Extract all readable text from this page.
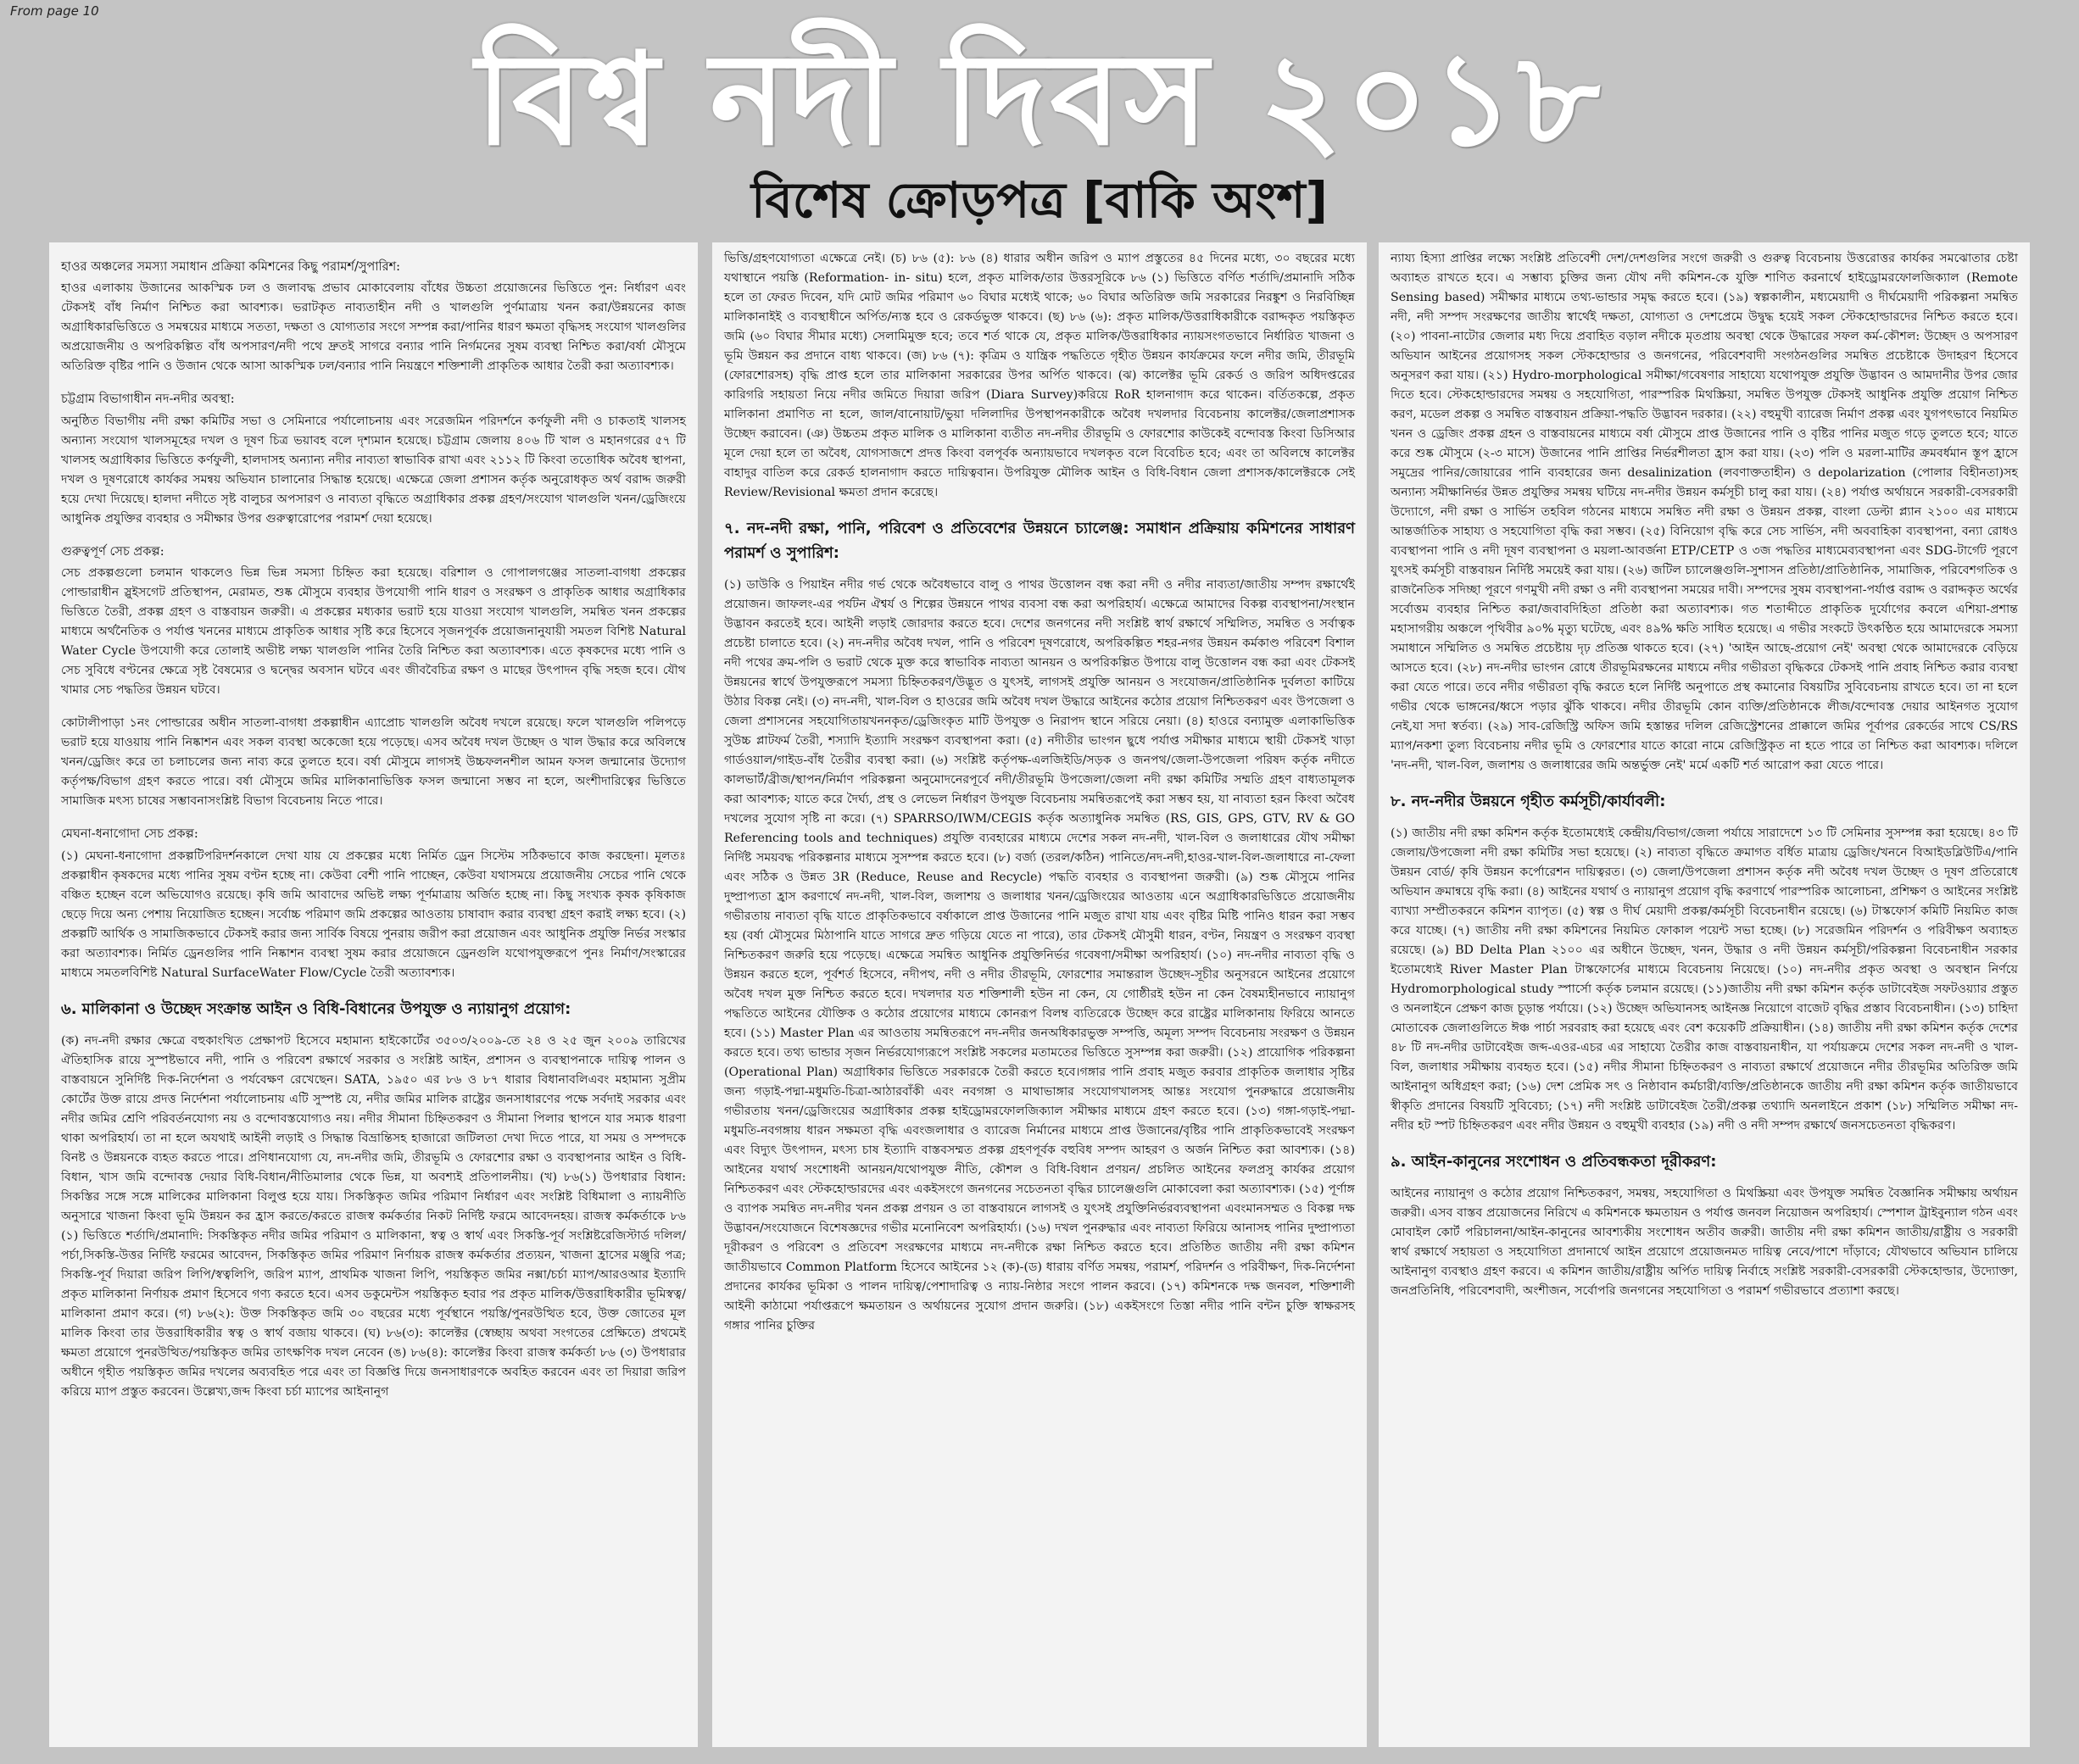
From page 10
বিশ্ব নদী দিবস ২০১৮
বিশেষ ক্রোড়পত্র [বাকি অংশ]
হাওর অঞ্চলের সমস্যা সমাধান প্রক্রিয়া কমিশনের কিছু পরামর্শ/সুপারিশ:

হাওর এলাকায় উজানের আকস্মিক ঢল ও জলাবদ্ধ প্রভাব মোকাবেলায় বাঁধের উচ্চতা প্রয়োজনের ভিত্তিতে পুন: নির্ধারণ এবং টেকসই বাঁধ নির্মাণ নিশ্চিত করা আবশ্যক। ভরাটকৃত নাব্যতাহীন নদী ও খালগুলি পুর্ণমাত্রায় খনন করা/উন্নয়নের কাজ অগ্রাধিকারভিত্তিতে ও সমন্বয়ের মাধ্যমে সততা, দক্ষতা ও যোগ্যতার সংগে সম্পন্ন করা/পানির ধারণ ক্ষমতা বৃদ্ধিসহ সংযোগ খালগুলির অপ্রয়োজনীয় ও অপরিকল্পিত বাঁধ অপসারণ/নদী পথে দ্রুতই সাগরে বন্যার পানি নির্গমনের সুষম ব্যবস্থা নিশ্চিত করা/বর্ষা মৌসুমে অতিরিক্ত বৃষ্টির পানি ও উজান থেকে আসা আকস্মিক ঢল/বন্যার পানি নিয়ন্ত্রণে শক্তিশালী প্রাকৃতিক আধার তৈরী করা অত্যাবশ্যক।

চট্টগ্রাম বিভাগাধীন নদ-নদীর অবস্থা:

অনুষ্ঠিত বিভাগীয় নদী রক্ষা কমিটির সভা ও সেমিনারে পর্যালোচনায় এবং সরেজমিন পরিদর্শনে কর্ণফুলী নদী ও চাকতাই খালসহ অন্যান্য সংযোগ খালসমূহের দখল ও দূষণ চিত্র ভয়াবহ বলে দৃশ্যমান হয়েছে। চট্টগ্রাম জেলায় ৪০৬ টি খাল ও মহানগরের ৫৭ টি খালসহ অগ্রাধিকার ভিত্তিতে কর্ণফুলী, হালদাসহ অন্যান্য নদীর নাব্যতা স্বাভাবিক রাখা এবং ২১১২ টি কিংবা ততোধিক অবৈধ স্থাপনা, দখল ও দূষণরোধে কার্যকর সমন্বয় অভিযান চালানোর সিদ্ধান্ত হয়েছে। এক্ষেত্রে জেলা প্রশাসন কর্তৃক অনুরোধকৃত অর্থ বরাদ্দ জরুরী হয়ে দেখা দিয়েছে। হালদা নদীতে সৃষ্ট বালুচর অপসারণ ও নাব্যতা বৃদ্ধিতে অগ্রাধিকার প্রকল্প গ্রহণ/সংযোগ খালগুলি খনন/ড্রেজিংয়ে আধুনিক প্রযুক্তির ব্যবহার ও সমীক্ষার উপর গুরুত্বারোপের পরামর্শ দেয়া হয়েছে।

গুরুত্বপূর্ণ সেচ প্রকল্প:

সেচ প্রকল্পগুলো চলমান থাকলেও ভিন্ন ভিন্ন সমস্যা চিহ্নিত করা হয়েছে। বরিশাল ও গোপালগঞ্জের সাতলা-বাগধা প্রকল্পের পোল্ডারাধীন স্লুইসগেট প্রতিস্থাপন, মেরামত, শুষ্ক মৌসুমে ব্যবহার উপযোগী পানি ধারণ ও সংরক্ষণ ও প্রাকৃতিক আধার অগ্রাধিকার ভিত্তিতে তৈরী, প্রকল্প গ্রহণ ও বাস্তবায়ন জরুরী। এ প্রকল্পের মধ্যকার ভরাট হয়ে যাওয়া সংযোগ খালগুলি, সমন্বিত খনন প্রকল্পের মাধ্যমে অর্থনৈতিক ও পর্যাপ্ত খননের মাধ্যমে প্রাকৃতিক আধার সৃষ্টি করে হিসেবে সৃজনপূর্বক প্রয়োজনানুযায়ী সমতল বিশিষ্ট Natural Water Cycle উপযোগী করে তোলাই অভীষ্ট লক্ষ্য খালগুলি পানির তৈরি নিশ্চিত করা অত্যাবশ্যক। এতে কৃষকদের মধ্যে পানি ও সেচ সুবিধে বণ্টনের ক্ষেত্রে সৃষ্ট বৈষম্যের ও দ্বন্দ্বের অবসান ঘটবে এবং জীববৈচিত্র রক্ষণ ও মাছের উৎপাদন বৃদ্ধি সহজ হবে। যৌথ খামার সেচ পদ্ধতির উন্নয়ন ঘটবে।

কোটালীপাড়া ১নং পোল্ডারের অধীন সাতলা-বাগধা প্রকল্পাধীন এ্যাপ্রোচ খালগুলি অবৈধ দখলে রয়েছে। ফলে খালগুলি পলিপড়ে ভরাট হয়ে যাওয়ায় পানি নিষ্কাশন এবং সকল ব্যবস্থা অকেজো হয়ে পড়েছে। এসব অবৈধ দখল উচ্ছেদ ও খাল উদ্ধার করে অবিলম্বে খনন/ড্রেজিং করে তা চলাচলের জন্য নাব্য করে তুলতে হবে। বর্ষা মৌসুমে লাগসই উচ্চফলনশীল আমন ফসল জন্মানোর উদ্যোগ কর্তৃপক্ষ/বিভাগ গ্রহণ করতে পারে। বর্ষা মৌসুমে জমির মালিকানাভিত্তিক ফসল জন্মানো সম্ভব না হলে, অংশীদারিত্বের ভিত্তিতে সামাজিক মৎস্য চাষের সম্ভাবনাসংশ্লিষ্ট বিভাগ বিবেচনায় নিতে পারে।

মেঘনা-ধনাগোদা সেচ প্রকল্প:

(১) মেঘনা-ধনাগোদা প্রকল্পটিপরিদর্শনকালে দেখা যায় যে প্রকল্পের মধ্যে নির্মিত ড্রেন সিস্টেম সঠিকভাবে কাজ করছেনা। মূলতঃ প্রকল্পাধীন কৃষকদের মধ্যে পানির সুষম বণ্টন হচ্ছে না। কেউবা বেশী পানি পাচ্ছেন, কেউবা যথাসময়ে প্রয়োজনীয় সেচের পানি থেকে বঞ্চিত হচ্ছেন বলে অভিযোগও রয়েছে। কৃষি জমি আবাদের অভিষ্ট লক্ষ্য পূর্ণমাত্রায় অর্জিত হচ্ছে না। কিছু সংখ্যক কৃষক কৃষিকাজ ছেড়ে দিয়ে অন্য পেশায় নিয়োজিত হচ্ছেন। সর্বোচ্চ পরিমাণ জমি প্রকল্পের আওতায় চাষাবাদ করার ব্যবস্থা গ্রহণ করাই লক্ষ্য হবে। (২) প্রকল্পটি আর্থিক ও সামাজিকভাবে টেকসই করার জন্য সার্বিক বিষয়ে পুনরায় জরীপ করা প্রয়োজন এবং আধুনিক প্রযুক্তি নির্ভর সংস্কার করা অত্যাবশ্যক। নির্মিত ড্রেনগুলির পানি নিষ্কাশন ব্যবস্থা সুষম করার প্রয়োজনে ড্রেনগুলি যথোপযুক্তরূপে পুনঃ নির্মাণ/সংস্কারের মাধ্যমে সমতলবিশিষ্ট Natural SurfaceWater Flow/Cycle তৈরী অত্যাবশ্যক।

৬. মালিকানা ও উচ্ছেদ সংক্রান্ত আইন ও বিধি-বিধানের উপযুক্ত ও ন্যায়ানুগ প্রয়োগ:

(ক) নদ-নদী রক্ষার ক্ষেত্রে বহুকাংখিত প্রেক্ষাপট হিসেবে মহামান্য হাইকোর্টের ৩৫০৩/২০০৯-তে ২৪ ও ২৫ জুন ২০০৯ তারিখের ঐতিহাসিক রায়ে সুস্পষ্টভাবে নদী, পানি ও পরিবেশ রক্ষার্থে সরকার ও সংশ্লিষ্ট আইন, প্রশাসন ও ব্যবস্থাপনাকে দায়িত্ব পালন ও বাস্তবায়নে সুনির্দিষ্ট দিক-নির্দেশনা ও পর্যবেক্ষণ রেখেছেন। SATA, ১৯৫০ এর ৮৬ ও ৮৭ ধারার বিধানাবলিএবং মহামান্য সুপ্রীম কোর্টের উক্ত রায়ে প্রদত্ত নির্দেশনা পর্যালোচনায় এটি সুস্পষ্ট যে, নদীর জমির মালিক রাষ্ট্রের জনসাধারণের পক্ষে সর্বদাই সরকার এবং নদীর জমির শ্রেণি পরিবর্তনযোগ্য নয় ও বন্দোবস্তযোগ্যও নয়। নদীর সীমানা চিহ্নিতকরণ ও সীমানা পিলার স্থাপনে যার সম্যক ধারণা থাকা অপরিহার্য। তা না হলে অযথাই আইনী লড়াই ও সিদ্ধান্ত বিভ্রান্তিসহ হাজারো জটিলতা দেখা দিতে পারে, যা সময় ও সম্পদকে বিনষ্ট ও উন্নয়নকে ব্যহত করতে পারে। প্রণিধানযোগ্য যে, নদ-নদীর জমি, তীরভূমি ও ফোরশোর রক্ষা ও ব্যবস্থাপনার আইন ও বিধি-বিধান, খাস জমি বন্দোবস্ত দেয়ার বিধি-বিধান/নীতিমালার থেকে ভিন্ন, যা অবশ্যই প্রতিপালনীয়। (খ) ৮৬(১) উপধারার বিধান: সিকস্তির সঙ্গে সঙ্গে মালিকের মালিকানা বিলুপ্ত হয়ে যায়। সিকস্তিকৃত জমির পরিমাণ নির্ধারণ এবং সংশ্লিষ্ট বিধিমালা ও ন্যায়নীতি অনুসারে খাজনা কিংবা ভূমি উন্নয়ন কর হ্রাস করতে/করতে রাজস্ব কর্মকর্তার নিকট নির্দিষ্ট ফরমে আবেদনহয়। রাজস্ব কর্মকর্তাকে ৮৬ (১) ভিত্তিতে শর্তাদি/প্রমানাদি: সিকস্তিকৃত নদীর জমির পরিমাণ ও মালিকানা, স্বত্ব ও স্বার্থ এবং সিকস্তি-পূর্ব সংশ্লিষ্টরেজিস্টার্ড দলিল/পর্চা,সিকস্তি-উত্তর নির্দিষ্ট ফরমের আবেদন, সিকস্তিকৃত জমির পরিমাণ নির্ণায়ক রাজস্ব কর্মকর্তার প্রত্যয়ন, খাজনা হ্রাসের মঞ্জুরি পত্র; সিকস্তি-পূর্ব দিয়ারা জরিপ লিপি/স্বত্বলিপি, জরিপ ম্যাপ, প্রাথমিক খাজনা লিপি, পয়স্তিকৃত জমির নক্সা/চর্চা ম্যাপ/আরওআর ইত্যাদি প্রকৃত মালিকানা নির্ণায়ক প্রমাণ হিসেবে গণ্য করতে হবে। এসব ডকুমেন্টস পয়স্তিকৃত হবার পর প্রকৃত মালিক/উত্তরাধিকারীর ভূমিস্বত্ব/মালিকানা প্রমাণ করে। (গ) ৮৬(২): উক্ত সিকস্তিকৃত জমি ৩০ বছরের মধ্যে পূর্বস্থানে পয়স্তি/পুনরউত্থিত হবে, উক্ত জোতের মূল মালিক কিংবা তার উত্তরাধিকারীর স্বত্ব ও স্বার্থ বজায় থাকবে। (ঘ) ৮৬(৩): কালেক্টর (স্বেচ্ছায় অথবা সংগতের প্রেক্ষিতে) প্রথমেই ক্ষমতা প্রয়োগে পুনরউত্থিত/পয়স্তিকৃত জমির তাৎক্ষণিক দখল নেবেন (ঙ) ৮৬(৪): কালেক্টর কিংবা রাজস্ব কর্মকর্তা ৮৬ (৩) উপধারার অধীনে গৃহীত পয়স্তিকৃত জমির দখলের অব্যবহিত পরে এবং তা বিজ্ঞপ্তি দিয়ে জনসাধারণকে অবহিত করবেন এবং তা দিয়ারা জরিপ করিয়ে ম্যাপ প্রস্তুত করবেন। উল্লেখ্য,জব্দ কিংবা চর্চা ম্যাপের আইনানুগ

ভিত্তি/গ্রহণযোগ্যতা এক্ষেত্রে নেই। (চ) ৮৬ (৫): ৮৬ (৪) ধারার অধীন জরিপ ও ম্যাপ প্রস্তুতের ৪৫ দিনের মধ্যে, ৩০ বছরের মধ্যে যথাস্থানে পয়স্তি (Reformation- in- situ) হলে, প্রকৃত মালিক/তার উত্তরসূরিকে ৮৬ (১) ভিত্তিতে বর্ণিত শর্তাদি/প্রমানাদি সঠিক হলে তা ফেরত দিবেন, যদি মোট জমির পরিমাণ ৬০ বিঘার মধ্যেই থাকে; ৬০ বিঘার অতিরিক্ত জমি সরকারের নিরঙ্কুশ ও নিরবিচ্ছিন্ন মালিকানাইই ও ব্যবস্থাধীনে অর্পিত/ন্যস্ত হবে ও রেকর্ডভুক্ত থাকবে। (ছ) ৮৬ (৬): প্রকৃত মালিক/উত্তরাধিকারীকে বরাদ্দকৃত পয়স্তিকৃত জমি (৬০ বিঘার সীমার মধ্যে) সেলামিমুক্ত হবে; তবে শর্ত থাকে যে, প্রকৃত মালিক/উত্তরাধিকার ন্যায়সংগতভাবে নির্ধারিত খাজনা ও ভূমি উন্নয়ন কর প্রদানে বাধ্য থাকবে। (জ) ৮৬ (৭): কৃত্রিম ও যান্ত্রিক পদ্ধতিতে গৃহীত উন্নয়ন কার্যক্রমের ফলে নদীর জমি, তীরভূমি (ফোরশোরসহ) বৃদ্ধি প্রাপ্ত হলে তার মালিকানা সরকারের উপর অর্পিত থাকবে। (ঝ) কালেক্টর ভূমি রেকর্ড ও জরিপ অধিদপ্তরের কারিগরি সহায়তা নিয়ে নদীর জমিতে দিয়ারা জরিপ (Diara Survey)করিয়ে RoR হালনাগাদ করে থাকেন। বর্তিতকল্পে, প্রকৃত মালিকানা প্রমাণিত না হলে, জাল/বানোয়াট/ভুয়া দলিলাদির উপস্থাপনকারীকে অবৈধ দখলদার বিবেচনায় কালেক্টর/জেলাপ্রশাসক উচ্ছেদ করাবেন। (ঞ) উচ্চতম প্রকৃত মালিক ও মালিকানা ব্যতীত নদ-নদীর তীরভূমি ও ফোরশোর কাউকেই বন্দোবস্ত কিংবা ডিসিআর মূলে দেয়া হলে তা অবৈধ, যোগসাজশে প্রদত্ত কিংবা বলপূর্বক অন্যায়ভাবে দখলকৃত বলে বিবেচিত হবে; এবং তা অবিলম্বে কালেক্টর বাহাদুর বাতিল করে রেকর্ড হালনাগাদ করতে দায়িত্ববান। উপরিযুক্ত মৌলিক আইন ও বিধি-বিধান জেলা প্রশাসক/কালেক্টরকে সেই Review/Revisional ক্ষমতা প্রদান করেছে।

৭. নদ-নদী রক্ষা, পানি, পরিবেশ ও প্রতিবেশের উন্নয়নে চ্যালেঞ্জ: সমাধান প্রক্রিয়ায় কমিশনের সাধারণ পরামর্শ ও সুপারিশ:

(১) ডাউকি ও পিয়াইন নদীর গর্ভ থেকে অবৈধভাবে বালু ও পাথর উত্তোলন বন্ধ করা নদী ও নদীর নাব্যতা/জাতীয় সম্পদ রক্ষার্থেই প্রয়োজন। জাফলং-এর পর্যটন ঐশ্বর্য ও শিল্পের উন্নয়নে পাথর ব্যবসা বন্ধ করা অপরিহার্য। এক্ষেত্রে আমাদের বিকল্প ব্যবস্থাপনা/সংস্থান উদ্ভাবন করতেই হবে। আইনী লড়াই জোরদার করতে হবে। দেশের জনগনের নদী সংশ্লিষ্ট স্বার্থ রক্ষার্থে সম্মিলিত, সমন্বিত ও সর্বাত্বক প্রচেষ্টা চালাতে হবে। (২) নদ-নদীর অবৈধ দখল, পানি ও পরিবেশ দূষণরোধে, অপরিকল্পিত শহর-নগর উন্নয়ন কর্মকাণ্ড পরিবেশ বিশাল নদী পথের ক্রম-পলি ও ভরাট থেকে মুক্ত করে স্বাভাবিক নাব্যতা আনয়ন ও অপরিকল্পিত উপায়ে বালু উত্তোলন বন্ধ করা এবং টেকসই উন্নয়নের স্বার্থে উপযুক্তরূপে সমস্যা চিহ্নিতকরণ/উদ্ভূত ও যুৎসই, লাগসই প্রযুক্তি আনয়ন ও সংযোজন/প্রাতিষ্ঠানিক দুর্বলতা কাটিয়ে উঠার বিকল্প নেই। (৩) নদ-নদী, খাল-বিল ও হাওরের জমি অবৈধ দখল উদ্ধারে আইনের কঠোর প্রয়োগ নিশ্চিতকরণ এবং উপজেলা ও জেলা প্রশাসনের সহযোগিতায়খননকৃত/ড্রেজিংকৃত মাটি উপযুক্ত ও নিরাপদ স্থানে সরিয়ে নেয়া। (৪) হাওরে বন্যামুক্ত এলাকাভিত্তিক সুউচ্চ প্লাটফর্ম তৈরী, শস্যাদি ইত্যাদি সংরক্ষণ ব্যবস্থাপনা করা। (৫) নদীতীর ভাংগন ছুধে পর্যাপ্ত সমীক্ষার মাধ্যমে স্থায়ী টেকসই খাড়া গার্ডওয়াল/গাইড-বাঁধ তৈরীর ব্যবস্থা করা। (৬) সংশ্লিষ্ট কর্তৃপক্ষ-এলজিইডি/সড়ক ও জনপথ/জেলা-উপজেলা পরিষদ কর্তৃক নদীতে কালভার্ট/ব্রীজ/স্থাপন/নির্মাণ পরিকল্পনা অনুমোদনেরপূর্বে নদী/তীরভূমি উপজেলা/জেলা নদী রক্ষা কমিটির সম্মতি গ্রহণ বাধ্যতামূলক করা আবশ্যক; যাতে করে দৈর্ঘ্য, প্রস্থ ও লেভেল নির্ধারণ উপযুক্ত বিবেচনায় সমন্বিতরূপেই করা সম্ভব হয়, যা নাব্যতা হরন কিংবা অবৈধ দখলের সুযোগ সৃষ্টি না করে। (৭) SPARRSO/IWM/CEGIS কর্তৃক অত্যাধুনিক সমন্বিত (RS, GIS, GPS, GTV, RV & GO Referencing tools and techniques) প্রযুক্তি ব্যবহারের মাধ্যমে দেশের সকল নদ-নদী, খাল-বিল ও জলাধারের যৌথ সমীক্ষা নির্দিষ্ট সময়বদ্ধ পরিকল্পনার মাধ্যমে সুসম্পন্ন করতে হবে। (৮) বর্জ্য (তরল/কঠিন) পানিতে/নদ-নদী,হাওর-খাল-বিল-জলাধারে না-ফেলা এবং সঠিক ও উন্নত 3R (Reduce, Reuse and Recycle) পদ্ধতি ব্যবহার ও ব্যবস্থাপনা জরুরী। (৯) শুষ্ক মৌসুমে পানির দুষ্প্রাপ্যতা হ্রাস করণার্থে নদ-নদী, খাল-বিল, জলাশয় ও জলাধার খনন/ড্রেজিংয়ের আওতায় এনে অগ্রাধিকারভিত্তিতে প্রয়োজনীয় গভীরতায় নাব্যতা বৃদ্ধি যাতে প্রাকৃতিকভাবে বর্ষাকালে প্রাপ্ত উজানের পানি মজুত রাখা যায় এবং বৃষ্টির মিষ্টি পানিও ধারন করা সম্ভব হয় (বর্ষা মৌসুমের মিঠাপানি যাতে সাগরে দ্রুত গড়িয়ে যেতে না পারে), তার টেকসই মৌসুমী ধারন, বণ্টন, নিয়ন্ত্রণ ও সংরক্ষণ ব্যবস্থা নিশ্চিতকরণ জরুরি হয়ে পড়েছে। এক্ষেত্রে সমন্বিত আধুনিক প্রযুক্তিনির্ভর গবেষণা/সমীক্ষা অপরিহার্য। (১০) নদ-নদীর নাব্যতা বৃদ্ধি ও উন্নয়ন করতে হলে, পূর্বশর্ত হিসেবে, নদীপথ, নদী ও নদীর তীরভূমি, ফোরশোর সমান্তরাল উচ্ছেদ-সূচীর অনুসরনে আইনের প্রয়োগে অবৈধ দখল মুক্ত নিশ্চিত করতে হবে। দখলদার যত শক্তিশালী হউন না কেন, যে গোষ্ঠীরই হউন না কেন বৈষম্যহীনভাবে ন্যায়ানুগ পদ্ধতিতে আইনের যৌক্তিক ও কঠোর প্রয়োগের মাধ্যমে কোনরূপ বিলম্ব ব্যতিরেকে উচ্ছেদ করে রাষ্ট্রের মালিকানায় ফিরিয়ে আনতে হবে। (১১) Master Plan এর আওতায় সমন্বিতরূপে নদ-নদীর জনঅধিকারভুক্ত সম্পত্তি, অমূল্য সম্পদ বিবেচনায় সংরক্ষণ ও উন্নয়ন করতে হবে। তথ্য ভান্ডার সৃজন নির্ভরযোগ্যরূপে সংশ্লিষ্ট সকলের মতামতের ভিত্তিতে সুসম্পন্ন করা জরুরী। (১২) প্রায়োগিক পরিকল্পনা (Operational Plan) অগ্রাধিকার ভিত্তিতে সরকারকে তৈরী করতে হবে।গঙ্গার পানি প্রবাহ মজুত করবার প্রাকৃতিক জলাধার সৃষ্টির জন্য গড়াই-পদ্মা-মধুমতি-চিত্রা-আঠারবাঁকী এবং নবগঙ্গা ও মাথাভাঙ্গার সংযোগখালসহ আন্তঃ সংযোগ পুনরুদ্ধারে প্রয়োজনীয় গভীরতায় খনন/ড্রেজিংয়ের অগ্রাধিকার প্রকল্প হাইড্রোমরফোলজিক্যাল সমীক্ষার মাধ্যমে গ্রহণ করতে হবে। (১৩) গঙ্গা-গড়াই-পদ্মা-মধুমতি-নবগঙ্গায় ধারন সক্ষমতা বৃদ্ধি এবংজলাধার ও ব্যারেজ নির্মানের মাধ্যমে প্রাপ্ত উজানের/বৃষ্টির পানি প্রাকৃতিকভাবেই সংরক্ষণ এবং বিদ্যুৎ উৎপাদন, মৎস্য চাষ ইত্যাদি বাস্তবসম্মত প্রকল্প গ্রহণপূর্বক বহুবিধ সম্পদ আহরণ ও অর্জন নিশ্চিত করা আবশ্যক। (১৪) আইনের যথার্থ সংশোধনী আনয়ন/যথোপযুক্ত নীতি, কৌশল ও বিধি-বিধান প্রণয়ন/ প্রচলিত আইনের ফলপ্রসু কার্যকর প্রয়োগ নিশ্চিতকরণ এবং স্টেকহোল্ডারদের এবং একইসংগে জনগনের সচেতনতা বৃদ্ধির চ্যালেঞ্জগুলি মোকাবেলা করা অত্যাবশ্যক। (১৫) পূর্ণাঙ্গ ও ব্যাপক সমন্বিত নদ-নদীর খনন প্রকল্প প্রণয়ন ও তা বাস্তবায়নে লাগসই ও যুৎসই প্রযুক্তিনির্ভরব্যবস্থাপনা এবংমানসম্মত ও বিকল্প দক্ষ উদ্ভাবন/সংযোজনে বিশেষজ্ঞদের গভীর মনোনিবেশ অপরিহার্য্য। (১৬) দখল পুনরুদ্ধার এবং নাব্যতা ফিরিয়ে আনাসহ পানির দুষ্প্রাপ্যতা দূরীকরণ ও পরিবেশ ও প্রতিবেশ সংরক্ষণের মাধ্যমে নদ-নদীকে রক্ষা নিশ্চিত করতে হবে। প্রতিষ্ঠিত জাতীয় নদী রক্ষা কমিশন জাতীয়ভাবে Common Platform হিসেবে আইনের ১২ (ক)-(ড) ধারায় বর্ণিত সমন্বয়, পরামর্শ, পরিদর্শন ও পরিবীক্ষণ, দিক-নির্দেশনা প্রদানের কার্যকর ভূমিকা ও পালন দায়িত্ব/পেশাদারিত্ব ও ন্যায়-নিষ্ঠার সংগে পালন করবে। (১৭) কমিশনকে দক্ষ জনবল, শক্তিশালী আইনী কাঠামো পর্যাপ্তরূপে ক্ষমতায়ন ও অর্থায়নের সুযোগ প্রদান জরুরি। (১৮) একইসংগে তিস্তা নদীর পানি বন্টন চুক্তি স্বাক্ষরসহ গঙ্গার পানির চুক্তির

ন্যায্য হিস্যা প্রাপ্তির লক্ষ্যে সংশ্লিষ্ট প্রতিবেশী দেশ/দেশগুলির সংগে জরুরী ও গুরুত্ব বিবেচনায় উত্তরোত্তর কার্যকর সমঝোতার চেষ্টা অব্যাহত রাখতে হবে। এ সম্ভাব্য চুক্তির জন্য যৌথ নদী কমিশন-কে যুক্তি শাণিত করনার্থে হাইড্রোমরফোলজিক্যাল (Remote Sensing based) সমীক্ষার মাধ্যমে তথ্য-ভান্ডার সমৃদ্ধ করতে হবে। (১৯) স্বল্পকালীন, মধ্যমেয়াদী ও দীর্ঘমেয়াদী পরিকল্পনা সমন্বিত নদী, নদী সম্পদ সংরক্ষণের জাতীয় স্বার্থেই দক্ষতা, যোগ্যতা ও দেশপ্রেমে উদ্বুদ্ধ হয়েই সকল স্টেকহোল্ডারদের নিশ্চিত করতে হবে। (২০) পাবনা-নাটোর জেলার মধ্য দিয়ে প্রবাহিত বড়াল নদীকে মৃতপ্রায় অবস্থা থেকে উদ্ধারের সফল কর্ম-কৌশল: উচ্ছেদ ও অপসারণ অভিযান আইনের প্রয়োগসহ সকল স্টেকহোল্ডার ও জনগনের, পরিবেশবাদী সংগঠনগুলির সমন্বিত প্রচেষ্টাকে উদাহরণ হিসেবে অনুসরণ করা যায়। (২১) Hydro-morphological সমীক্ষা/গবেষণার সাহায্যে যথোপযুক্ত প্রযুক্তি উদ্ভাবন ও আমদানীর উপর জোর দিতে হবে। স্টেকহোল্ডারদের সমন্বয় ও সহযোগিতা, পারস্পরিক মিথস্ক্রিয়া, সমন্বিত উপযুক্ত টেকসই আধুনিক প্রযুক্তি প্রয়োগ নিশ্চিত করণ, মডেল প্রকল্প ও সমন্বিত বাস্তবায়ন প্রক্রিয়া-পদ্ধতি উদ্ভাবন দরকার। (২২) বহুমুখী ব্যারেজ নির্মাণ প্রকল্প এবং যুগপৎভাবে নিয়মিত খনন ও ড্রেজিং প্রকল্প গ্রহন ও বাস্তবায়নের মাধ্যমে বর্ষা মৌসুমে প্রাপ্ত উজানের পানি ও বৃষ্টির পানির মজুত গড়ে তুলতে হবে; যাতে করে শুষ্ক মৌসুমে (২-৩ মাসে) উজানের পানি প্রাপ্তির নির্ভরশীলতা হ্রাস করা যায়। (২৩) পলি ও মরলা-মাটির ক্রমবর্ধমান স্তূপ হ্রাসে সমুদ্রের পানির/জোয়ারের পানি ব্যবহারের জন্য desalinization (লবণাক্ততাহীন) ও depolarization (পোলার বিহীনতা)সহ অন্যান্য সমীক্ষানির্ভর উন্নত প্রযুক্তির সমন্বয় ঘটিয়ে নদ-নদীর উন্নয়ন কর্মসূচী চালু করা যায়। (২৪) পর্যাপ্ত অর্থায়নে সরকারী-বেসরকারী উদ্যোগে, নদী রক্ষা ও সার্ভিস তহবিল গঠনের মাধ্যমে সমন্বিত নদী রক্ষা ও উন্নয়ন প্রকল্প, বাংলা ডেল্টা প্ল্যান ২১০০ এর মাধ্যমে আন্তর্জাতিক সাহায্য ও সহযোগিতা বৃদ্ধি করা সম্ভব। (২৫) বিনিয়োগ বৃদ্ধি করে সেচ সার্ভিস, নদী অববাহিকা ব্যবস্থাপনা, বন্যা রোধও ব্যবস্থাপনা পানি ও নদী দূষণ ব্যবস্থাপনা ও ময়লা-আবর্জনা ETP/CETP ও ৩জ পদ্ধতির মাধ্যমেব্যবস্থাপনা এবং SDG-টার্গেট পূরণে যুৎসই কর্মসূচী বাস্তবায়ন নির্দিষ্ট সময়েই করা যায়। (২৬) জটিল চ্যালেঞ্জগুলি-সুশাসন প্রতিষ্ঠা/প্রাতিষ্ঠানিক, সামাজিক, পরিবেশগতিক ও রাজনৈতিক সদিচ্ছা পূরণে গণমুখী নদী রক্ষা ও নদী ব্যবস্থাপনা সময়ের দাবী। সম্পদের সুষম ব্যবস্থাপনা-পর্যাপ্ত বরাদ্দ ও বরাদ্দকৃত অর্থের সর্বোত্তম ব্যবহার নিশ্চিত করা/জবাবদিহিতা প্রতিষ্ঠা করা অত্যাবশ্যক। গত শতাব্দীতে প্রাকৃতিক দুর্যোগের কবলে এশিয়া-প্রশান্ত মহাসাগরীয় অঞ্চলে পৃথিবীর ৯০% মৃত্যু ঘটেছে, এবং ৪৯% ক্ষতি সাধিত হয়েছে। এ গভীর সংকটে উৎকণ্ঠিত হয়ে আমাদেরকে সমস্যা সমাধানে সম্মিলিত ও সমন্বিত প্রচেষ্টায় দৃঢ় প্রতিজ্ঞ থাকতে হবে। (২৭) 'আইন আছে-প্রয়োগ নেই' অবস্থা থেকে আমাদেরকে বেড়িয়ে আসতে হবে। (২৮) নদ-নদীর ভাংগন রোধে তীরভূমিরক্ষনের মাধ্যমে নদীর গভীরতা বৃদ্ধিকরে টেকসই পানি প্রবাহ নিশ্চিত করার ব্যবস্থা করা যেতে পারে। তবে নদীর গভীরতা বৃদ্ধি করতে হলে নির্দিষ্ট অনুপাতে প্রস্থ কমানোর বিষয়টির সুবিবেচনায় রাখতে হবে। তা না হলে গভীর থেকে ভাঙ্গনের/ধ্বসে পড়ার ঝুঁকি থাকবে। নদীর তীরভূমি কোন ব্যক্তি/প্রতিষ্ঠানকে লীজ/বন্দোবস্ত দেয়ার আইনগত সুযোগ নেই,যা সদা স্বর্তব্য। (২৯) সাব-রেজিস্ট্রি অফিস জমি হস্তান্তর দলিল রেজিস্ট্রেশনের প্রাক্কালে জমির পূর্বাপর রেকর্ডের সাথে CS/RS ম্যাপ/নকশা তুল্য বিবেচনায় নদীর ভূমি ও ফোরশোর যাতে কারো নামে রেজিস্ট্রিকৃত না হতে পারে তা নিশ্চিত করা আবশ্যক। দলিলে 'নদ-নদী, খাল-বিল, জলাশয় ও জলাধারের জমি অন্তর্ভুক্ত নেই' মর্মে একটি শর্ত আরোপ করা যেতে পারে।

৮. নদ-নদীর উন্নয়নে গৃহীত কর্মসূচী/কার্যাবলী:

(১) জাতীয় নদী রক্ষা কমিশন কর্তৃক ইতোমধ্যেই কেন্দ্রীয়/বিভাগ/জেলা পর্যায়ে সারাদেশে ১৩ টি সেমিনার সুসম্পন্ন করা হয়েছে। ৪৩ টি জেলায়/উপজেলা নদী রক্ষা কমিটির সভা হয়েছে। (২) নাব্যতা বৃদ্ধিতে ক্রমাগত বর্ধিত মাত্রায় ড্রেজিং/খননে বিআইডব্লিউটিএ/পানি উন্নয়ন বোর্ড/ কৃষি উন্নয়ন কর্পোরেশন দায়িত্বরত। (৩) জেলা/উপজেলা প্রশাসন কর্তৃক নদী অবৈধ দখল উচ্ছেদ ও দূষণ প্রতিরোধে অভিযান ক্রমান্বয়ে বৃদ্ধি করা। (৪) আইনের যথার্থ ও ন্যায়ানুগ প্রয়োগ বৃদ্ধি করণার্থে পারস্পরিক আলোচনা, প্রশিক্ষণ ও আইনের সংশ্লিষ্ট ব্যাখ্যা সম্প্রীতকরনে কমিশন ব্যাপৃত। (৫) স্বল্প ও দীর্ঘ মেয়াদী প্রকল্প/কর্মসূচী বিবেচনাধীন রয়েছে। (৬) টাস্কফোর্স কমিটি নিয়মিত কাজ করে যাচ্ছে। (৭) জাতীয় নদী রক্ষা কমিশনের নিয়মিত ফোকাল পয়েন্ট সভা হচ্ছে। (৮) সরেজমিন পরিদর্শন ও পরিবীক্ষণ অব্যাহত রয়েছে। (৯) BD Delta Plan ২১০০ এর অধীনে উচ্ছেদ, খনন, উদ্ধার ও নদী উন্নয়ন কর্মসূচী/পরিকল্পনা বিবেচনাধীন সরকার ইতোমধ্যেই River Master Plan টাস্কফোর্সের মাধ্যমে বিবেচনায় নিয়েছে। (১০) নদ-নদীর প্রকৃত অবস্থা ও অবস্থান নির্ণয়ে Hydromorphological study স্পার্সো কর্তৃক চলমান রয়েছে। (১১)জাতীয় নদী রক্ষা কমিশন কর্তৃক ডাটাবেইজ সফটওয়্যার প্রস্তুত ও অনলাইনে প্রেক্ষণ কাজ চূড়ান্ত পর্যায়ে। (১২) উচ্ছেদ অভিযানসহ আইনজ্ঞ নিয়োগে বাজেট বৃদ্ধির প্রস্তাব বিবেচনাধীন। (১৩) চাহিদা মোতাবেক জেলাগুলিতে ঈঞ্চ পার্চা সরবরাহ করা হয়েছে এবং বেশ কয়েকটি প্রক্রিয়াধীন। (১৪) জাতীয় নদী রক্ষা কমিশন কর্তৃক দেশের ৪৮ টি নদ-নদীর ডাটাবেইজ জব্দ-এওর-এচর এর সাহায্যে তৈরীর কাজ বাস্তবায়নাধীন, যা পর্যায়ক্রমে দেশের সকল নদ-নদী ও খাল-বিল, জলাধার সমীক্ষায় ব্যবহৃত হবে। (১৫) নদীর সীমানা চিহ্নিতকরণ ও নাব্যতা রক্ষার্থে প্রয়োজনে নদীর তীরভূমির অতিরিক্ত জমি আইনানুগ অধিগ্রহণ করা; (১৬) দেশ প্রেমিক সৎ ও নিষ্ঠাবান কর্মচারী/ব্যক্তি/প্রতিষ্ঠানকে জাতীয় নদী রক্ষা কমিশন কর্তৃক জাতীয়ভাবে স্বীকৃতি প্রদানের বিষয়টি সুবিবেচ্য; (১৭) নদী সংশ্লিষ্ট ডাটাবেইজ তৈরী/প্রকল্প তথ্যাদি অনলাইনে প্রকাশ (১৮) সম্মিলিত সমীক্ষা নদ-নদীর হট স্পট চিহ্নিতকরণ এবং নদীর উন্নয়ন ও বহুমুখী ব্যবহার (১৯) নদী ও নদী সম্পদ রক্ষার্থে জনসচেতনতা বৃদ্ধিকরণ।

৯. আইন-কানুনের সংশোধন ও প্রতিবন্ধকতা দূরীকরণ:

আইনের ন্যায়ানুগ ও কঠোর প্রয়োগ নিশ্চিতকরণ, সমন্বয়, সহযোগিতা ও মিথস্ক্রিয়া এবং উপযুক্ত সমন্বিত বৈজ্ঞানিক সমীক্ষায় অর্থায়ন জরুরী। এসব বাস্তব প্রয়োজনের নিরিখে এ কমিশনকে ক্ষমতায়ন ও পর্যাপ্ত জনবল নিয়োজন অপরিহার্য। স্পেশাল ট্রাইবুন্যাল গঠন এবং মোবাইল কোর্ট পরিচালনা/আইন-কানুনের আবশ্যকীয় সংশোধন অতীব জরুরী। জাতীয় নদী রক্ষা কমিশন জাতীয়/রাষ্ট্রীয় ও সরকারী স্বার্থ রক্ষার্থে সহায়তা ও সহযোগিতা প্রদানার্থে আইন প্রয়োগে প্রয়োজনমত দায়িত্ব নেবে/পাশে দাঁড়াবে; যৌথভাবে অভিযান চালিয়ে আইনানুগ ব্যবস্থাও গ্রহণ করবে। এ কমিশন জাতীয়/রাষ্ট্রীয় অর্পিত দায়িত্ব নির্বাহে সংশ্লিষ্ট সরকারী-বেসরকারী স্টেকহোল্ডার, উদ্যোক্তা, জনপ্রতিনিধি, পরিবেশবাদী, অংশীজন, সর্বোপরি জনগনের সহযোগিতা ও পরামর্শ গভীরভাবে প্রত্যাশা করছে।
